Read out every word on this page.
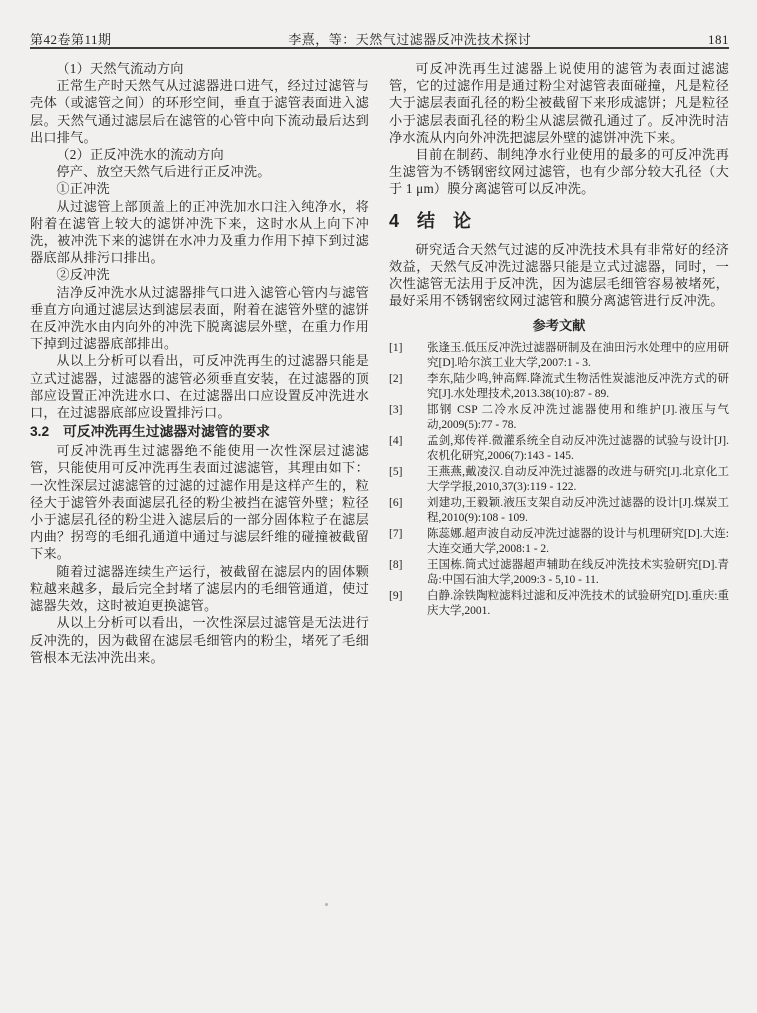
第42卷第11期	李熹，等：天然气过滤器反冲洗技术探讨	181
（1）天然气流动方向
正常生产时天然气从过滤器进口进气，经过过滤管与壳体（或滤管之间）的环形空间，垂直于滤管表面进入滤层。天然气通过滤层后在滤管的心管中向下流动最后达到出口排气。
（2）正反冲洗水的流动方向
停产、放空天然气后进行正反冲洗。
①正冲洗
从过滤管上部顶盖上的正冲洗加水口注入纯净水，将附着在滤管上较大的滤饼冲洗下来，这时水从上向下冲洗，被冲洗下来的滤饼在水冲力及重力作用下掉下到过滤器底部从排污口排出。
②反冲洗
洁净反冲洗水从过滤器排气口进入滤管心管内与滤管垂直方向通过滤层达到滤层表面，附着在滤管外壁的滤饼在反冲洗水由内向外的冲洗下脱离滤层外壁，在重力作用下掉到过滤器底部排出。
从以上分析可以看出，可反冲洗再生的过滤器只能是立式过滤器，过滤器的滤管必须垂直安装，在过滤器的顶部应设置正冲洗进水口、在过滤器出口应设置反冲洗进水口，在过滤器底部应设置排污口。
3.2　可反冲洗再生过滤器对滤管的要求
可反冲洗再生过滤器绝不能使用一次性深层过滤滤管，只能使用可反冲洗再生表面过滤滤管，其理由如下：一次性深层过滤滤管的过滤的过滤作用是这样产生的，粒径大于滤管外表面滤层孔径的粉尘被挡在滤管外壁；粒径小于滤层孔径的粉尘进入滤层后的一部分固体粒子在滤层内曲？拐弯的毛细孔通道中通过与滤层纤维的碰撞被截留下来。
随着过滤器连续生产运行，被截留在滤层内的固体颗粒越来越多，最后完全封堵了滤层内的毛细管通道，使过滤器失效，这时被迫更换滤管。
从以上分析可以看出，一次性深层过滤管是无法进行反冲洗的，因为截留在滤层毛细管内的粉尘，堵死了毛细管根本无法冲洗出来。
可反冲洗再生过滤器上说使用的滤管为表面过滤滤管，它的过滤作用是通过粉尘对滤管表面碰撞，凡是粒径大于滤层表面孔径的粉尘被截留下来形成滤饼；凡是粒径小于滤层表面孔径的粉尘从滤层微孔通过了。反冲洗时洁净水流从内向外冲洗把滤层外壁的滤饼冲洗下来。
目前在制药、制纯净水行业使用的最多的可反冲洗再生滤管为不锈钢密纹网过滤管，也有少部分较大孔径（大于 1 μm）膜分离滤管可以反冲洗。
4　结　论
研究适合天然气过滤的反冲洗技术具有非常好的经济效益，天然气反冲洗过滤器只能是立式过滤器，同时，一次性滤管无法用于反冲洗，因为滤层毛细管容易被堵死，最好采用不锈钢密纹网过滤管和膜分离滤管进行反冲洗。
参考文献
[1]	张逢玉.低压反冲洗过滤器研制及在油田污水处理中的应用研究[D].哈尔滨工业大学,2007:1 - 3.
[2]	李东,陆少鸣,钟高辉.降流式生物活性炭滤池反冲洗方式的研究[J].水处理技术,2013.38(10):87 - 89.
[3]	邯钢 CSP 二冷水反冲洗过滤器使用和维护[J].液压与气动,2009(5):77 - 78.
[4]	孟剑,郑传祥.微灌系统全自动反冲洗过滤器的试验与设计[J].农机化研究,2006(7):143 - 145.
[5]	王燕燕,戴凌汉.自动反冲洗过滤器的改进与研究[J].北京化工大学学报,2010,37(3):119 - 122.
[6]	刘建功,王毅颖.液压支架自动反冲洗过滤器的设计[J].煤炭工程,2010(9):108 - 109.
[7]	陈蕊娜.超声波自动反冲洗过滤器的设计与机理研究[D].大连:大连交通大学,2008:1 - 2.
[8]	王国栋.筒式过滤器超声辅助在线反冲洗技术实验研究[D].青岛:中国石油大学,2009:3 - 5,10 - 11.
[9]	白静.涂铁陶粒滤料过滤和反冲洗技术的试验研究[D].重庆:重庆大学,2001.
